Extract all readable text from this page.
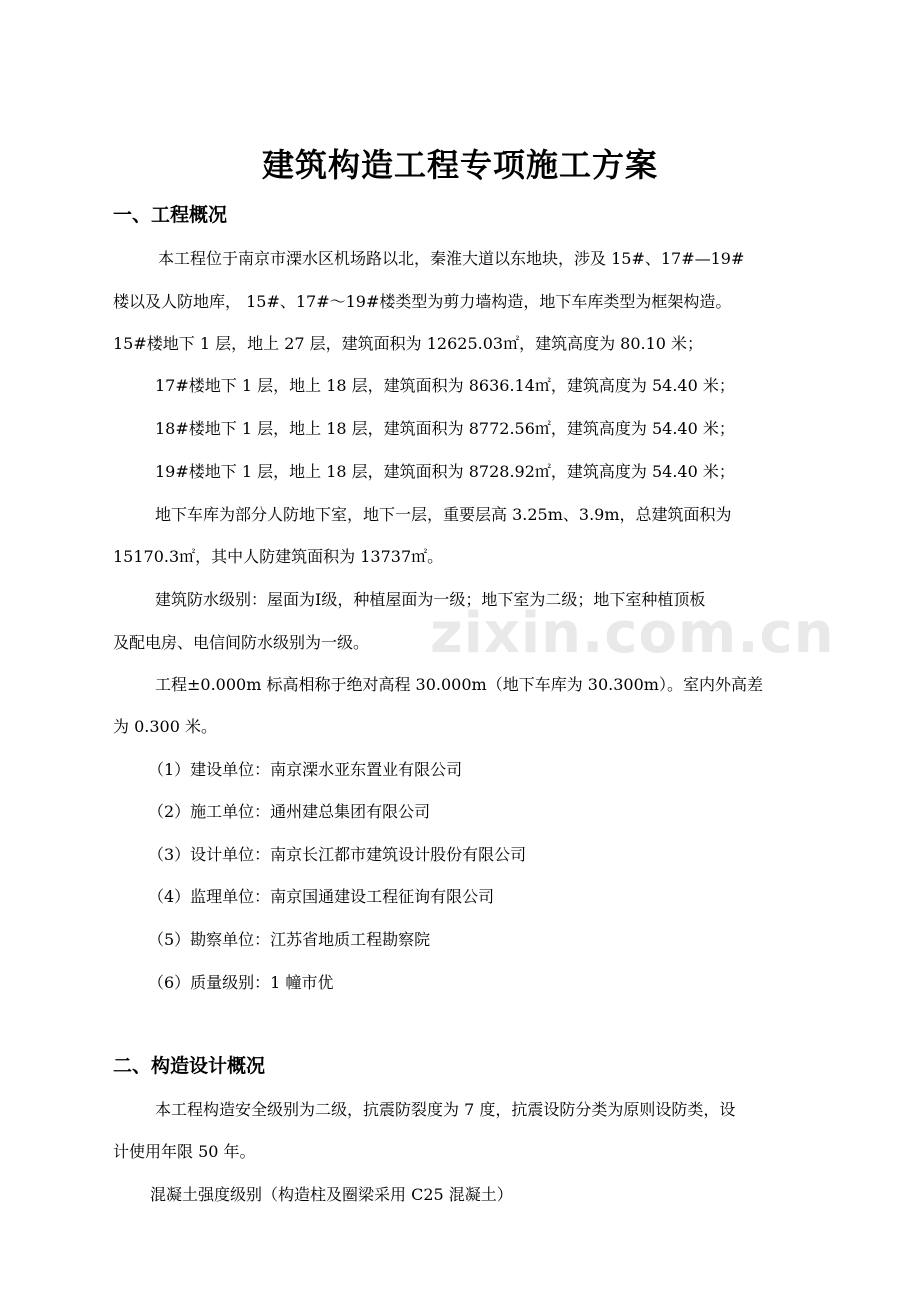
zixin.com.cn
建筑构造工程专项施工方案
一、工程概况
本工程位于南京市溧水区机场路以北，秦淮大道以东地块，涉及 15#、17#—19#
楼以及人防地库， 15#、17#～19#楼类型为剪力墙构造，地下车库类型为框架构造。
15#楼地下 1 层，地上 27 层，建筑面积为 12625.03㎡，建筑高度为 80.10 米；
17#楼地下 1 层，地上 18 层，建筑面积为 8636.14㎡，建筑高度为 54.40 米；
18#楼地下 1 层，地上 18 层，建筑面积为 8772.56㎡，建筑高度为 54.40 米；
19#楼地下 1 层，地上 18 层，建筑面积为 8728.92㎡，建筑高度为 54.40 米；
地下车库为部分人防地下室，地下一层，重要层高 3.25m、3.9m，总建筑面积为
15170.3㎡，其中人防建筑面积为 13737㎡。
建筑防水级别：屋面为Ⅰ级，种植屋面为一级；地下室为二级；地下室种植顶板
及配电房、电信间防水级别为一级。
工程±0.000m 标高相称于绝对高程 30.000m（地下车库为 30.300m）。室内外高差
为 0.300 米。
（1）建设单位：南京溧水亚东置业有限公司
（2）施工单位：通州建总集团有限公司
（3）设计单位：南京长江都市建筑设计股份有限公司
（4）监理单位：南京国通建设工程征询有限公司
（5）勘察单位：江苏省地质工程勘察院
（6）质量级别：1 幢市优
二、构造设计概况
本工程构造安全级别为二级，抗震防裂度为 7 度，抗震设防分类为原则设防类，设
计使用年限 50 年。
混凝土强度级别（构造柱及圈梁采用 C25 混凝土）
